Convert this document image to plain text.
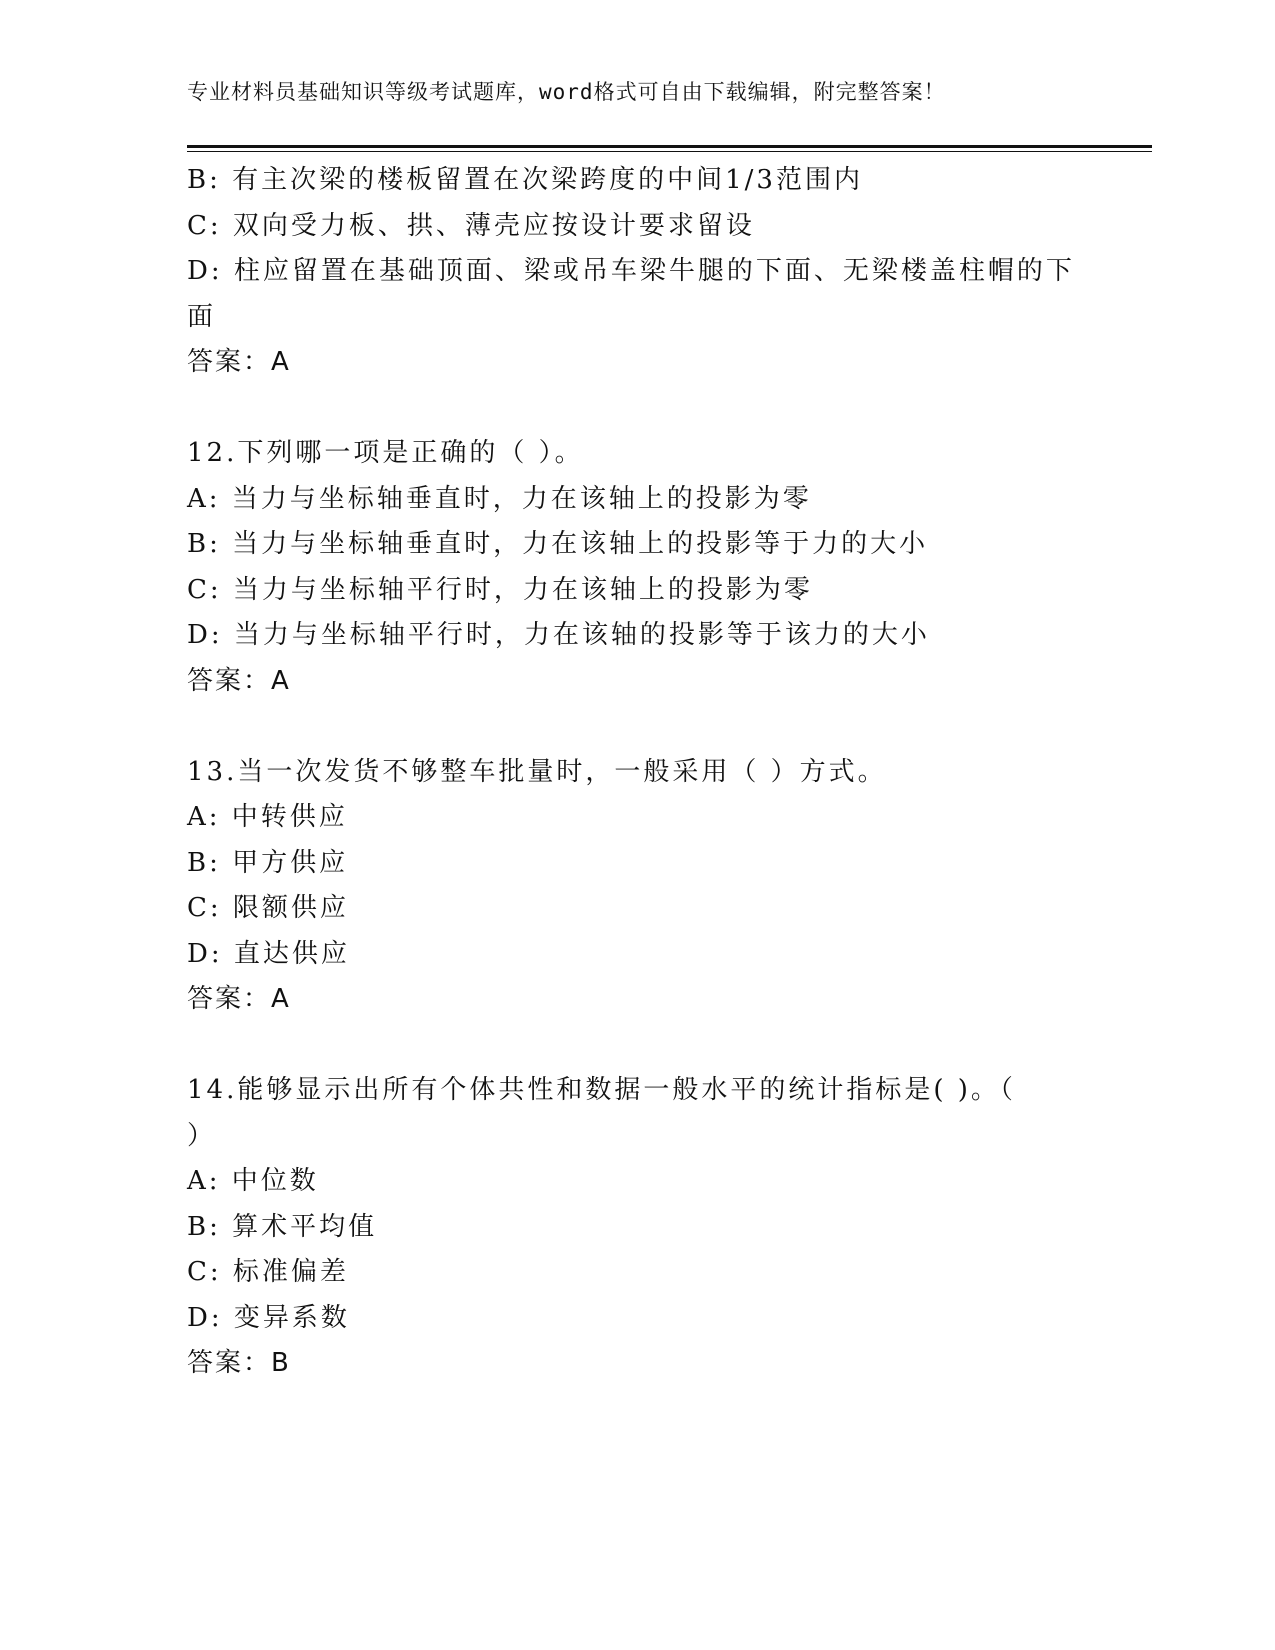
专业材料员基础知识等级考试题库，word格式可自由下载编辑，附完整答案！
B: 有主次梁的楼板留置在次梁跨度的中间1/3范围内
C: 双向受力板、拱、薄壳应按设计要求留设
D: 柱应留置在基础顶面、梁或吊车梁牛腿的下面、无梁楼盖柱帽的下
面
答案：A
12.下列哪一项是正确的（ ）。
A: 当力与坐标轴垂直时，力在该轴上的投影为零
B: 当力与坐标轴垂直时，力在该轴上的投影等于力的大小
C: 当力与坐标轴平行时，力在该轴上的投影为零
D: 当力与坐标轴平行时，力在该轴的投影等于该力的大小
答案：A
13.当一次发货不够整车批量时，一般采用（ ）方式。
A: 中转供应
B: 甲方供应
C: 限额供应
D: 直达供应
答案：A
14.能够显示出所有个体共性和数据一般水平的统计指标是( )。（
）
A: 中位数
B: 算术平均值
C: 标准偏差
D: 变异系数
答案：B
